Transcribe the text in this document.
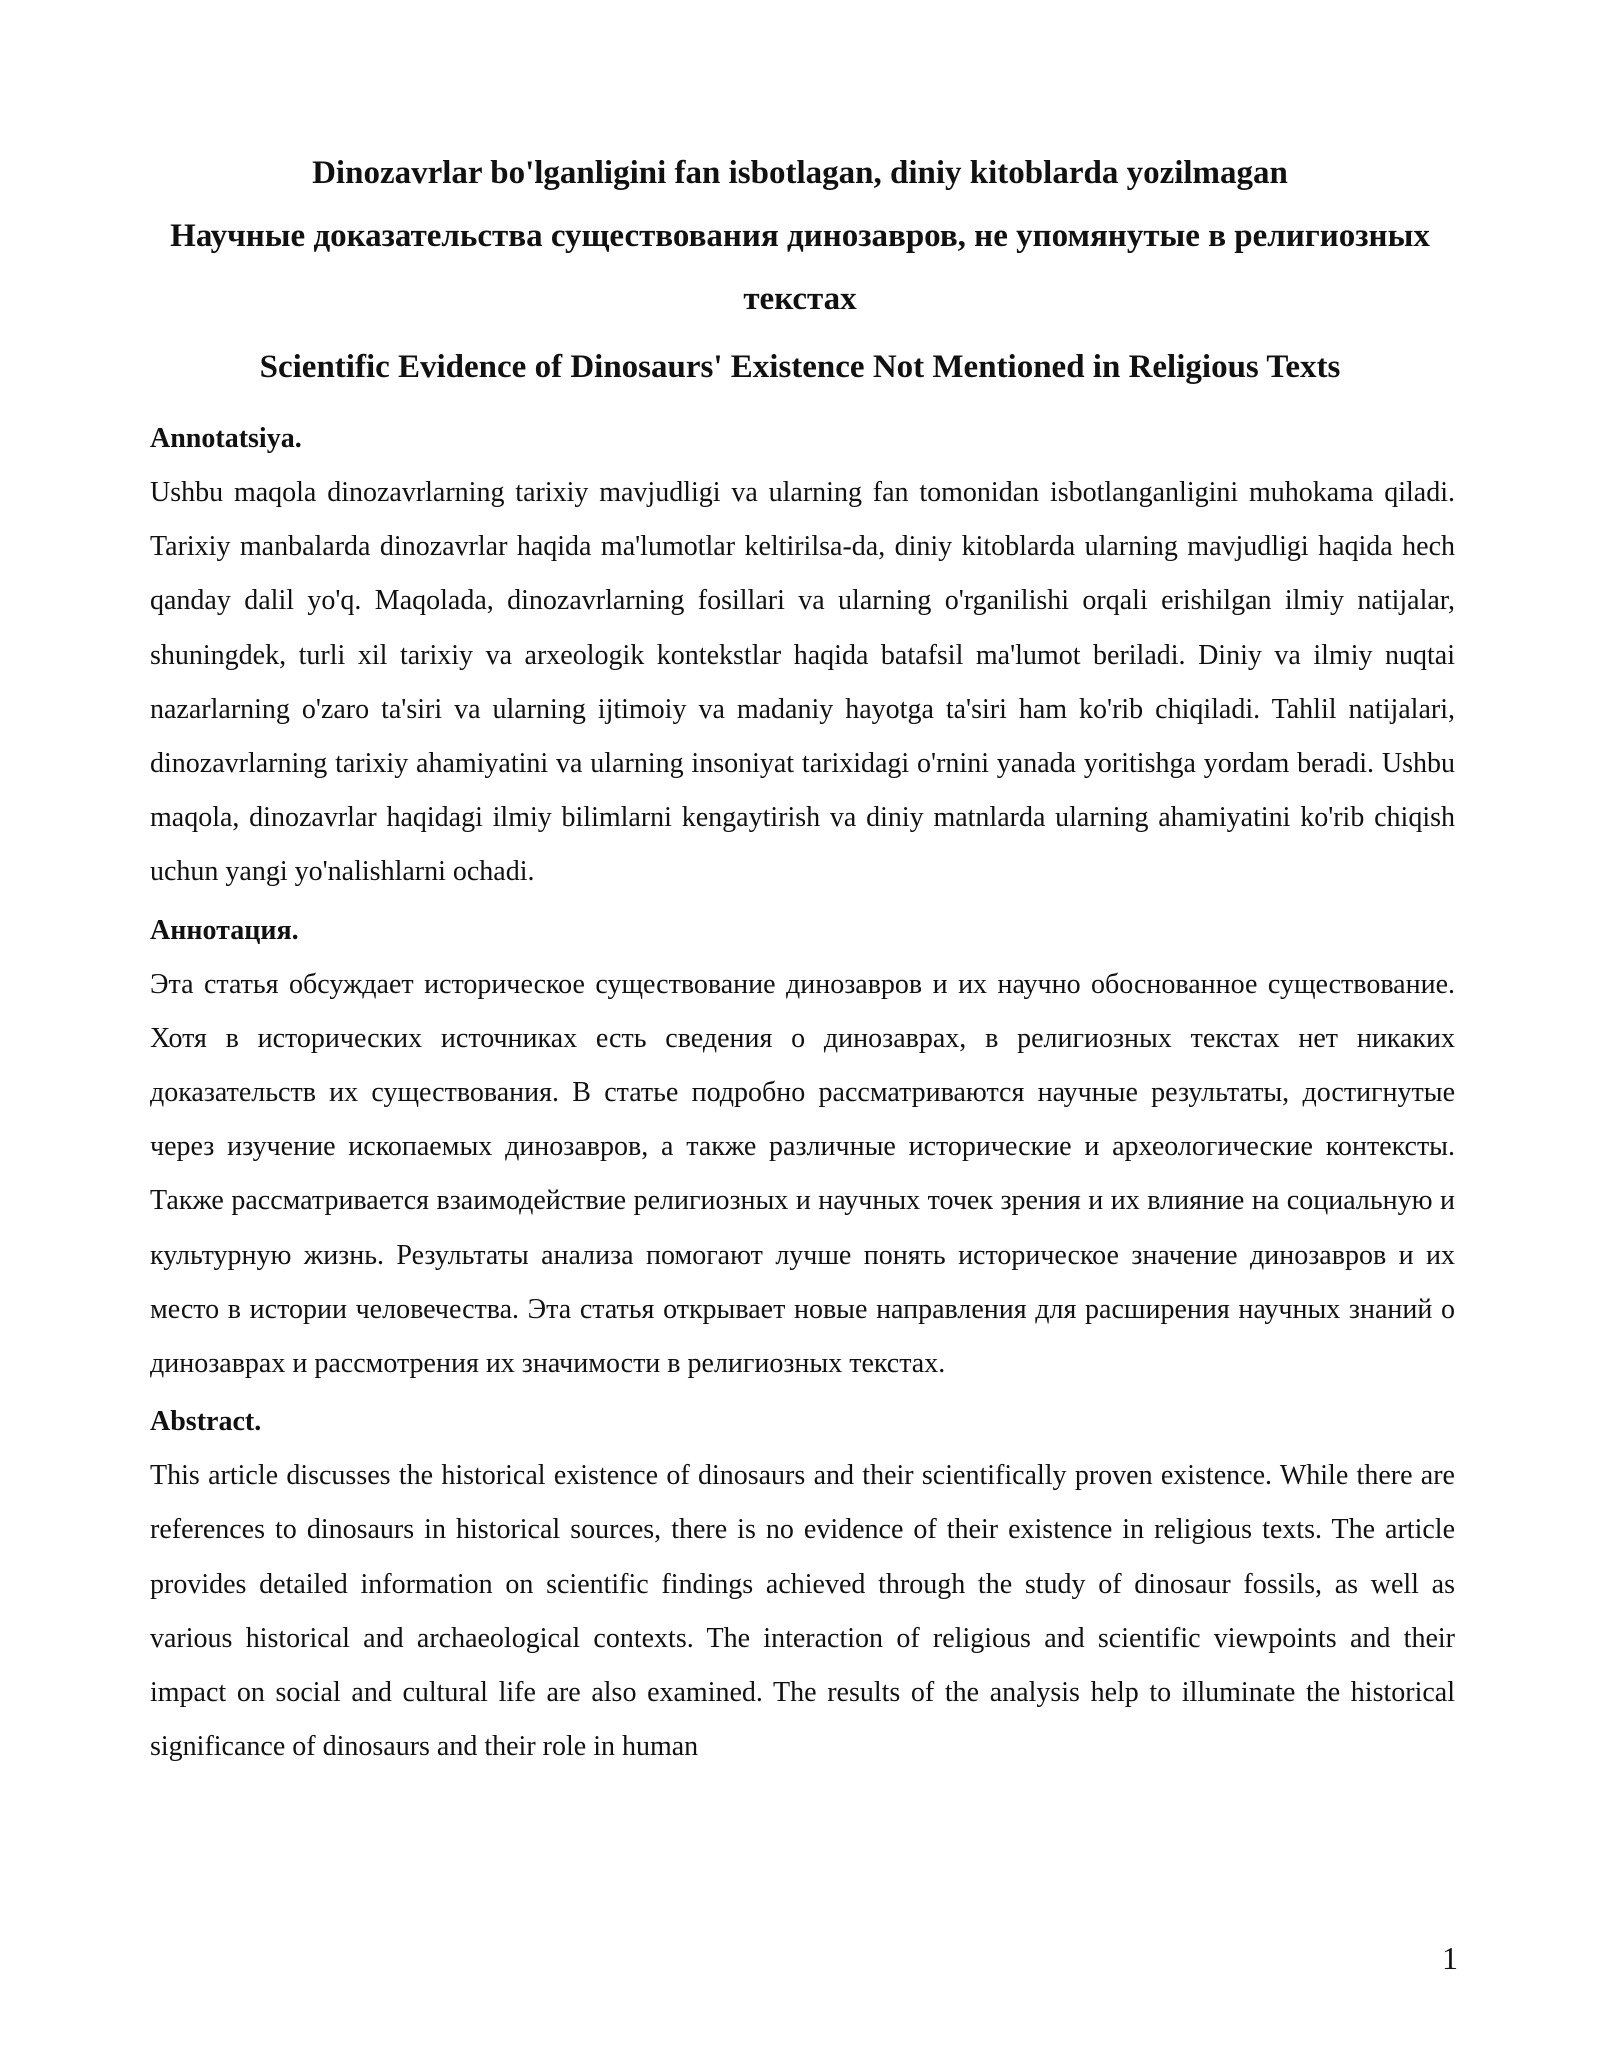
Dinozavrlar bo'lganligini fan isbotlagan, diniy kitoblarda yozilmagan

Научные доказательства существования динозавров, не упомянутые в религиозных текстах

Scientific Evidence of Dinosaurs' Existence Not Mentioned in Religious Texts

Annotatsiya.

Ushbu maqola dinozavrlarning tarixiy mavjudligi va ularning fan tomonidan isbotlanganligini muhokama qiladi. Tarixiy manbalarda dinozavrlar haqida ma'lumotlar keltirilsa-da, diniy kitoblarda ularning mavjudligi haqida hech qanday dalil yo'q. Maqolada, dinozavrlarning fosillari va ularning o'rganilishi orqali erishilgan ilmiy natijalar, shuningdek, turli xil tarixiy va arxeologik kontekstlar haqida batafsil ma'lumot beriladi. Diniy va ilmiy nuqtai nazarlarning o'zaro ta'siri va ularning ijtimoiy va madaniy hayotga ta'siri ham ko'rib chiqiladi. Tahlil natijalari, dinozavrlarning tarixiy ahamiyatini va ularning insoniyat tarixidagi o'rnini yanada yoritishga yordam beradi. Ushbu maqola, dinozavrlar haqidagi ilmiy bilimlarni kengaytirish va diniy matnlarda ularning ahamiyatini ko'rib chiqish uchun yangi yo'nalishlarni ochadi.

Аннотация.

Эта статья обсуждает историческое существование динозавров и их научно обоснованное существование. Хотя в исторических источниках есть сведения о динозаврах, в религиозных текстах нет никаких доказательств их существования. В статье подробно рассматриваются научные результаты, достигнутые через изучение ископаемых динозавров, а также различные исторические и археологические контексты. Также рассматривается взаимодействие религиозных и научных точек зрения и их влияние на социальную и культурную жизнь. Результаты анализа помогают лучше понять историческое значение динозавров и их место в истории человечества. Эта статья открывает новые направления для расширения научных знаний о динозаврах и рассмотрения их значимости в религиозных текстах.

Abstract.

This article discusses the historical existence of dinosaurs and their scientifically proven existence. While there are references to dinosaurs in historical sources, there is no evidence of their existence in religious texts. The article provides detailed information on scientific findings achieved through the study of dinosaur fossils, as well as various historical and archaeological contexts. The interaction of religious and scientific viewpoints and their impact on social and cultural life are also examined. The results of the analysis help to illuminate the historical significance of dinosaurs and their role in human

1
